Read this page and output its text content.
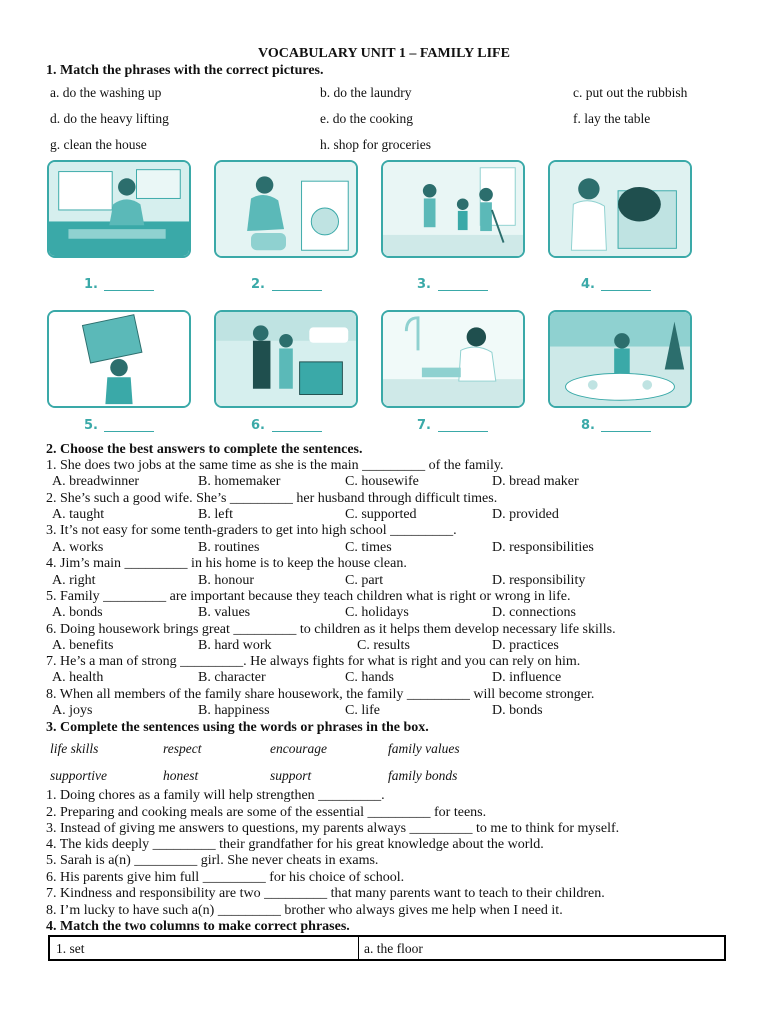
VOCABULARY UNIT 1 – FAMILY LIFE
1. Match the phrases with the correct pictures.
a. do the washing up	b. do the laundry	c. put out the rubbish
d. do the heavy lifting	e. do the cooking	f. lay the table
g. clean the house	h. shop for groceries
1.	2.	3.	4.
5.	6.	7.	8.
2. Choose the best answers to complete the sentences.
1. She does two jobs at the same time as she is the main _________ of the family.
A. breadwinner	B. homemaker	C. housewife	D. bread maker
2. She’s such a good wife. She’s _________ her husband through difficult times.
A. taught	B. left	C. supported	D. provided
3. It’s not easy for some tenth-graders to get into high school _________.
A. works	B. routines	C. times	D. responsibilities
4. Jim’s main _________ in his home is to keep the house clean.
A. right	B. honour	C. part	D. responsibility
5. Family _________ are important because they teach children what is right or wrong in life.
A. bonds	B. values	C. holidays	D. connections
6. Doing housework brings great _________ to children as it helps them develop necessary life skills.
A. benefits	B. hard work	C. results	D. practices
7. He’s a man of strong _________. He always fights for what is right and you can rely on him.
A. health	B. character	C. hands	D. influence
8. When all members of the family share housework, the family _________ will become stronger.
A. joys	B. happiness	C. life	D. bonds
3. Complete the sentences using the words or phrases in the box.
life skills	respect	encourage	family values
supportive	honest	support	family bonds
1. Doing chores as a family will help strengthen _________.
2. Preparing and cooking meals are some of the essential _________ for teens.
3. Instead of giving me answers to questions, my parents always _________ to me to think for myself.
4. The kids deeply _________ their grandfather for his great knowledge about the world.
5. Sarah is a(n) _________ girl. She never cheats in exams.
6. His parents give him full _________ for his choice of school.
7. Kindness and responsibility are two _________ that many parents want to teach to their children.
8. I’m lucky to have such a(n) _________ brother who always gives me help when I need it.
4. Match the two columns to make correct phrases.
1. set	a. the floor
